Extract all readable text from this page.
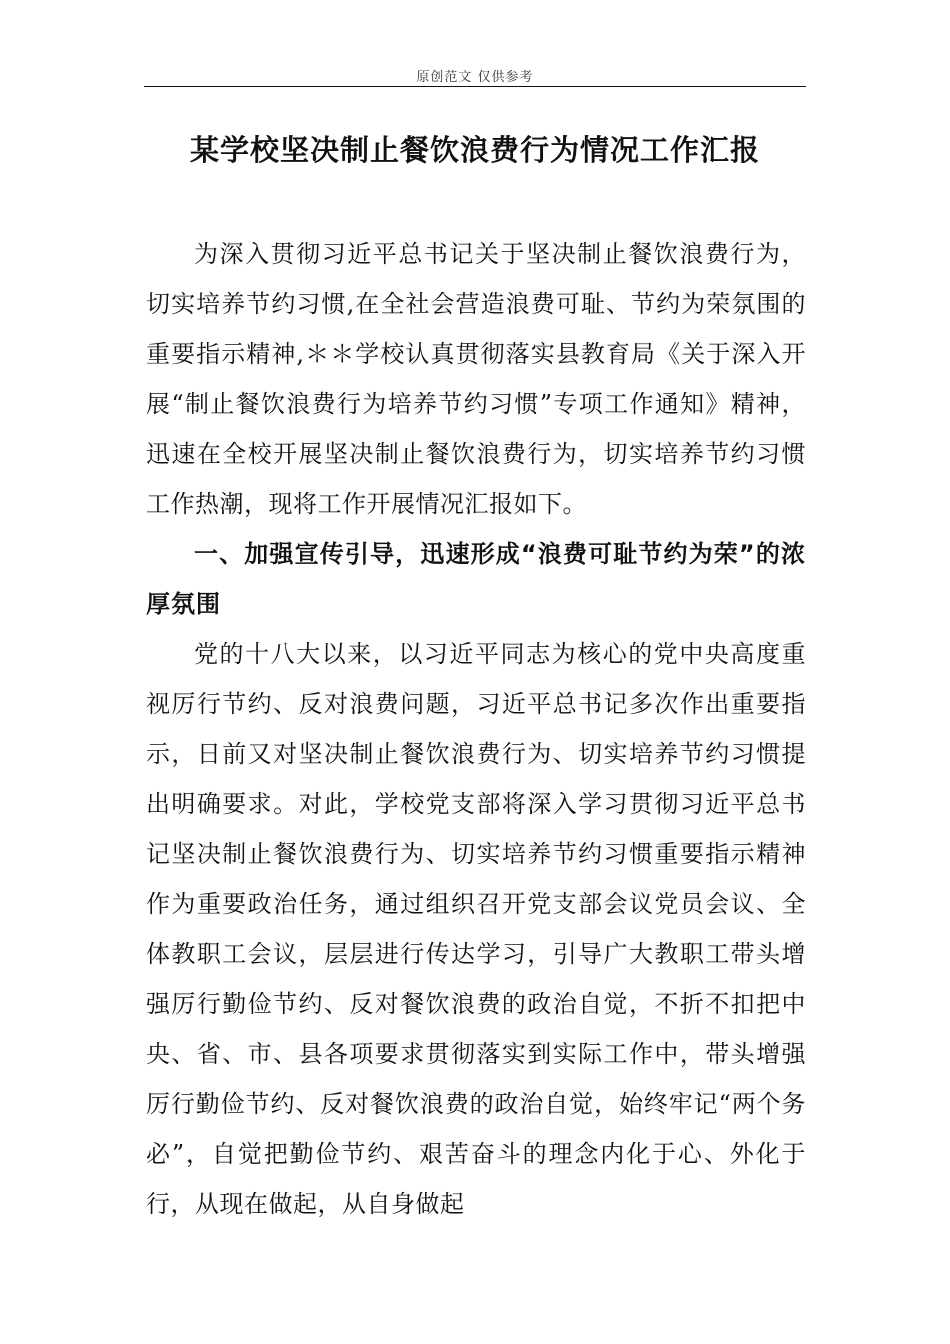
原创范文 仅供参考
某学校坚决制止餐饮浪费行为情况工作汇报

为深入贯彻习近平总书记关于坚决制止餐饮浪费行为，切实培养节约习惯,在全社会营造浪费可耻、节约为荣氛围的重要指示精神,＊＊学校认真贯彻落实县教育局《关于深入开展“制止餐饮浪费行为培养节约习惯”专项工作通知》精神，迅速在全校开展坚决制止餐饮浪费行为，切实培养节约习惯工作热潮，现将工作开展情况汇报如下。

一、加强宣传引导，迅速形成“浪费可耻节约为荣”的浓厚氛围

党的十八大以来，以习近平同志为核心的党中央高度重视厉行节约、反对浪费问题，习近平总书记多次作出重要指示，日前又对坚决制止餐饮浪费行为、切实培养节约习惯提出明确要求。对此，学校党支部将深入学习贯彻习近平总书记坚决制止餐饮浪费行为、切实培养节约习惯重要指示精神作为重要政治任务，通过组织召开党支部会议党员会议、全体教职工会议，层层进行传达学习，引导广大教职工带头增强厉行勤俭节约、反对餐饮浪费的政治自觉，不折不扣把中央、省、市、县各项要求贯彻落实到实际工作中，带头增强厉行勤俭节约、反对餐饮浪费的政治自觉，始终牢记“两个务必”，自觉把勤俭节约、艰苦奋斗的理念内化于心、外化于行，从现在做起，从自身做起
